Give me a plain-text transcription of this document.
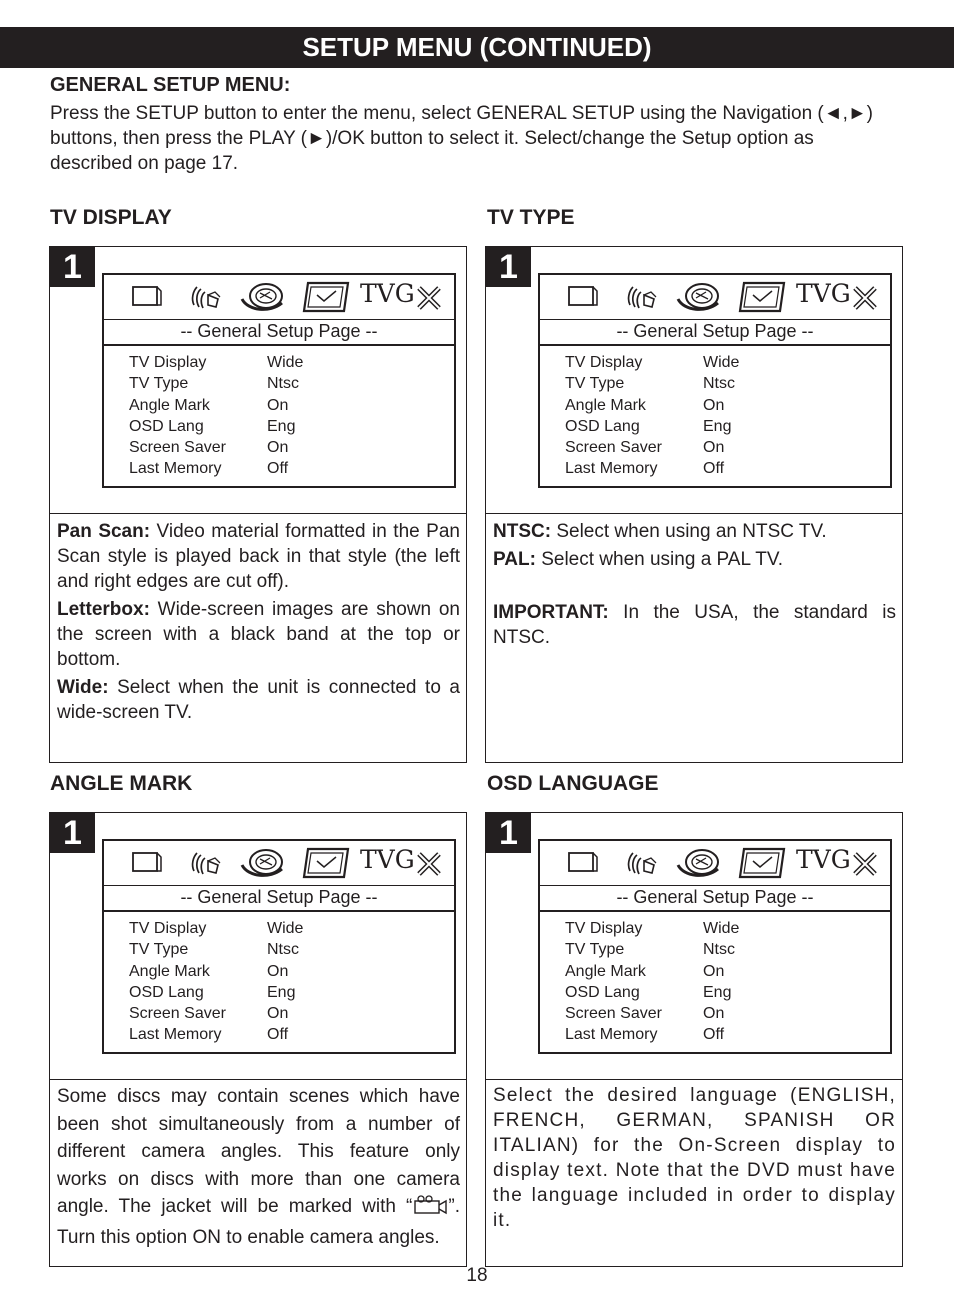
SETUP MENU (CONTINUED)
GENERAL SETUP MENU:
Press the SETUP button to enter the menu, select GENERAL SETUP using the Navigation (◄,►) buttons, then press the PLAY (►)/OK button to select it. Select/change the Setup option as described on page 17.
TV DISPLAY	TV TYPE
ANGLE MARK	OSD LANGUAGE
1
TVG
-- General Setup Page --
TV Display	Wide
TV Type	Ntsc
Angle Mark	On
OSD Lang	Eng
Screen Saver	On
Last Memory	Off

Pan Scan: Video material formatted in the Pan Scan style is played back in that style (the left and right edges are cut off).

Letterbox: Wide-screen images are shown on the screen with a black band at the top or bottom.

Wide: Select when the unit is connected to a wide-screen TV.

1
TVG
-- General Setup Page --
TV Display	Wide
TV Type	Ntsc
Angle Mark	On
OSD Lang	Eng
Screen Saver	On
Last Memory	Off

NTSC: Select when using an NTSC TV.

PAL: Select when using a PAL TV.

IMPORTANT: In the USA, the standard is NTSC.

1
TVG
-- General Setup Page --
TV Display	Wide
TV Type	Ntsc
Angle Mark	On
OSD Lang	Eng
Screen Saver	On
Last Memory	Off
Some discs may contain scenes which have been shot simultaneously from a number of different camera angles. This feature only works on discs with more than one camera angle. The jacket will be marked with “ ”. Turn this option ON to enable camera angles.
1
TVG
-- General Setup Page --
TV Display	Wide
TV Type	Ntsc
Angle Mark	On
OSD Lang	Eng
Screen Saver	On
Last Memory	Off
Select the desired language (ENGLISH, FRENCH, GERMAN, SPANISH OR ITALIAN) for the On-Screen display to display text. Note that the DVD must have the language included in order to display it.
18
